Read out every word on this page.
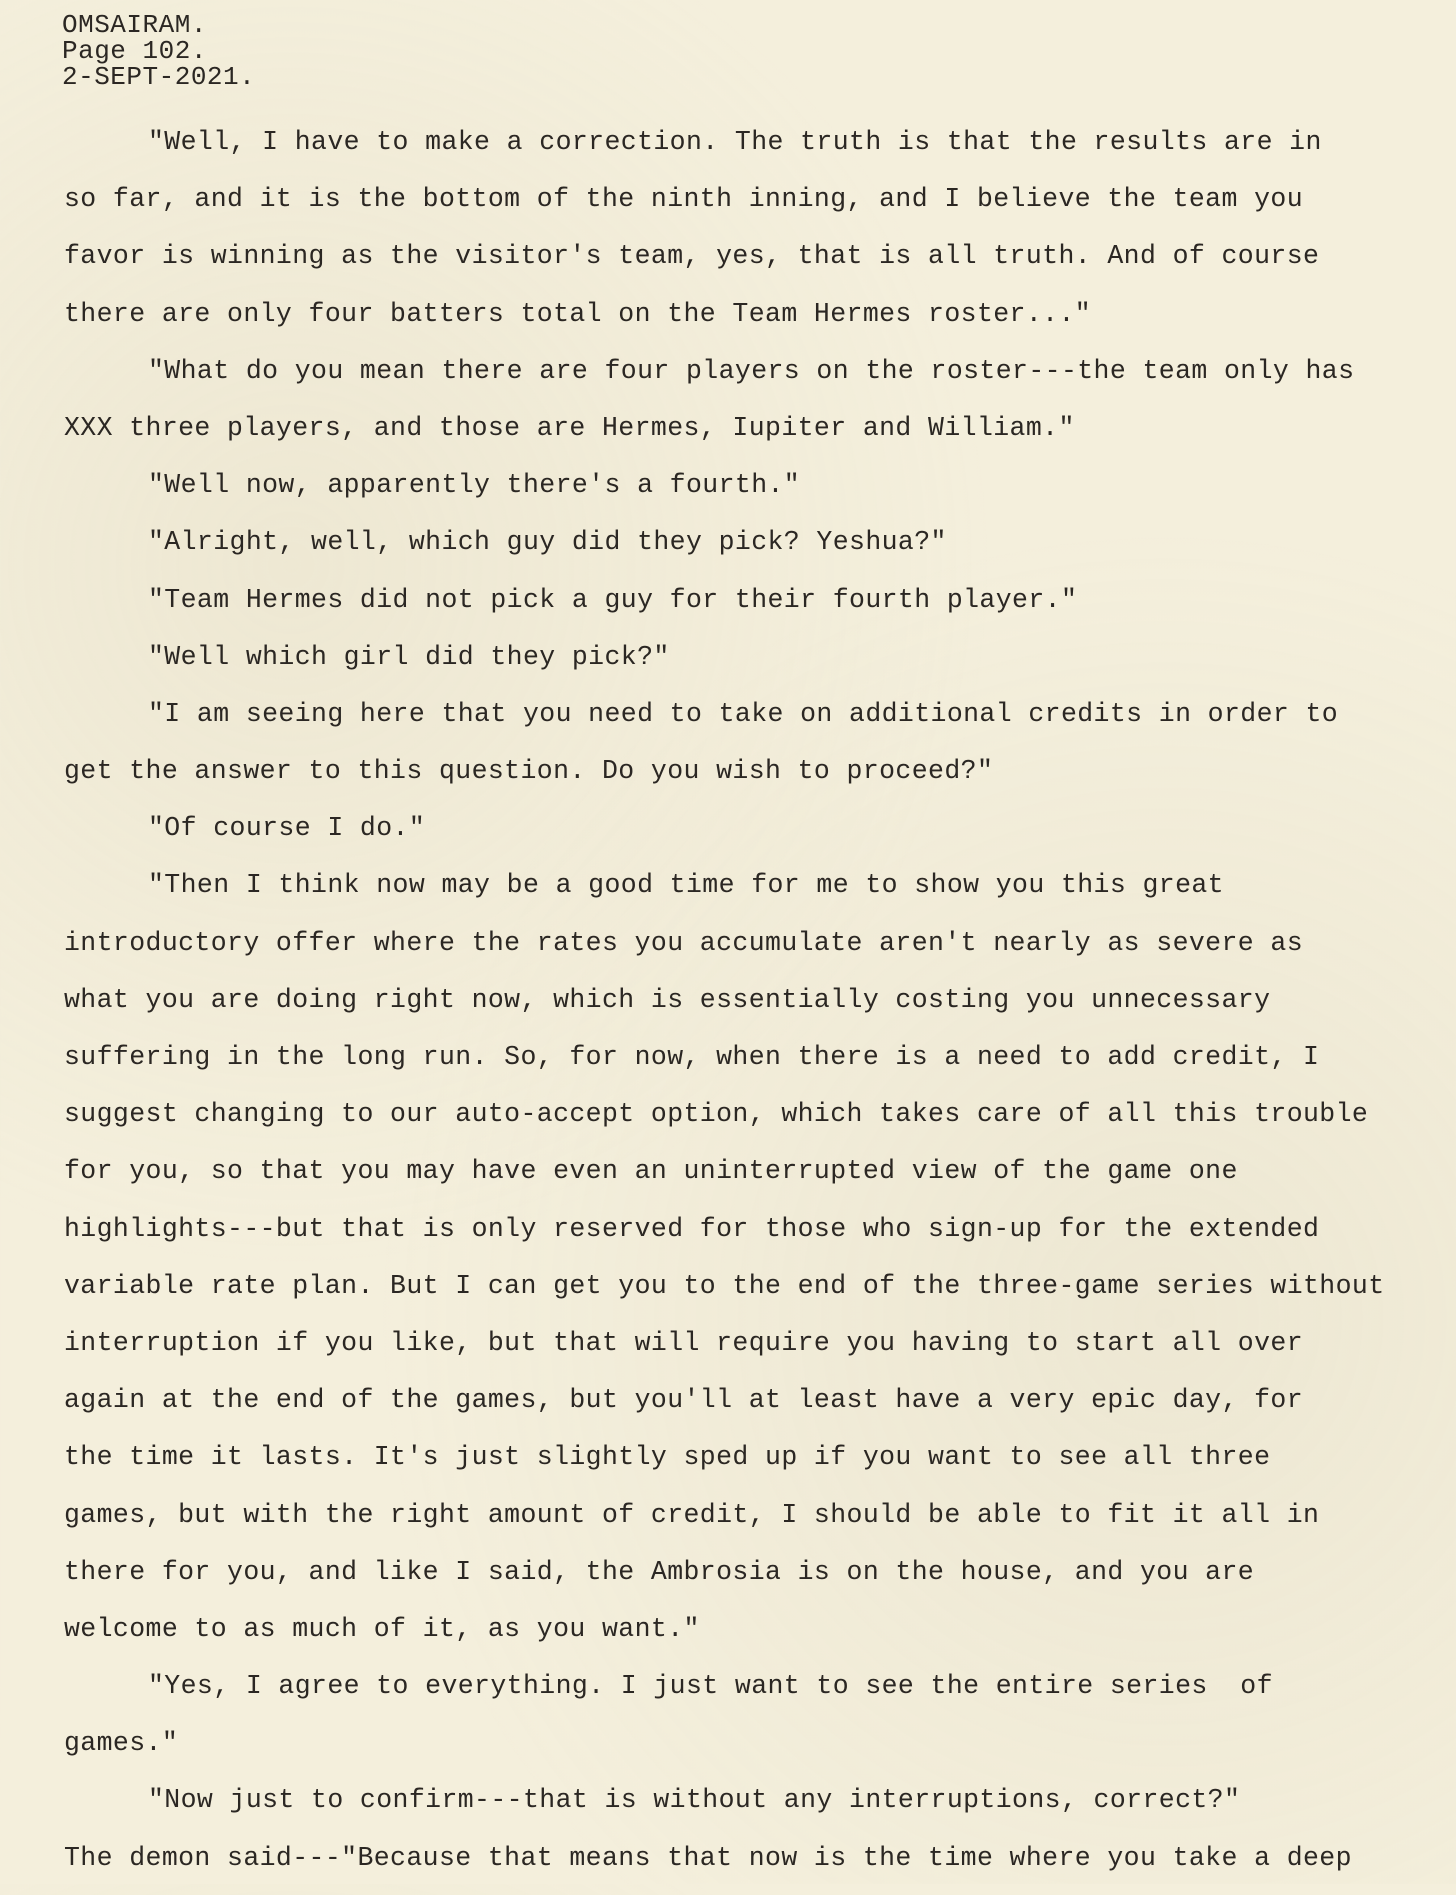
OMSAIRAM.
Page 102.
2-SEPT-2021.
"Well, I have to make a correction. The truth is that the results are in
so far, and it is the bottom of the ninth inning, and I believe the team you
favor is winning as the visitor's team, yes, that is all truth. And of course
there are only four batters total on the Team Hermes roster..."
"What do you mean there are four players on the roster---the team only has
XXX three players, and those are Hermes, Iupiter and William."
"Well now, apparently there's a fourth."
"Alright, well, which guy did they pick? Yeshua?"
"Team Hermes did not pick a guy for their fourth player."
"Well which girl did they pick?"
"I am seeing here that you need to take on additional credits in order to
get the answer to this question. Do you wish to proceed?"
"Of course I do."
"Then I think now may be a good time for me to show you this great
introductory offer where the rates you accumulate aren't nearly as severe as
what you are doing right now, which is essentially costing you unnecessary
suffering in the long run. So, for now, when there is a need to add credit, I
suggest changing to our auto-accept option, which takes care of all this trouble
for you, so that you may have even an uninterrupted view of the game one
highlights---but that is only reserved for those who sign-up for the extended
variable rate plan. But I can get you to the end of the three-game series without
interruption if you like, but that will require you having to start all over
again at the end of the games, but you'll at least have a very epic day, for
the time it lasts. It's just slightly sped up if you want to see all three
games, but with the right amount of credit, I should be able to fit it all in
there for you, and like I said, the Ambrosia is on the house, and you are
welcome to as much of it, as you want."
"Yes, I agree to everything. I just want to see the entire series  of
games."
"Now just to confirm---that is without any interruptions, correct?"
The demon said---"Because that means that now is the time where you take a deep
